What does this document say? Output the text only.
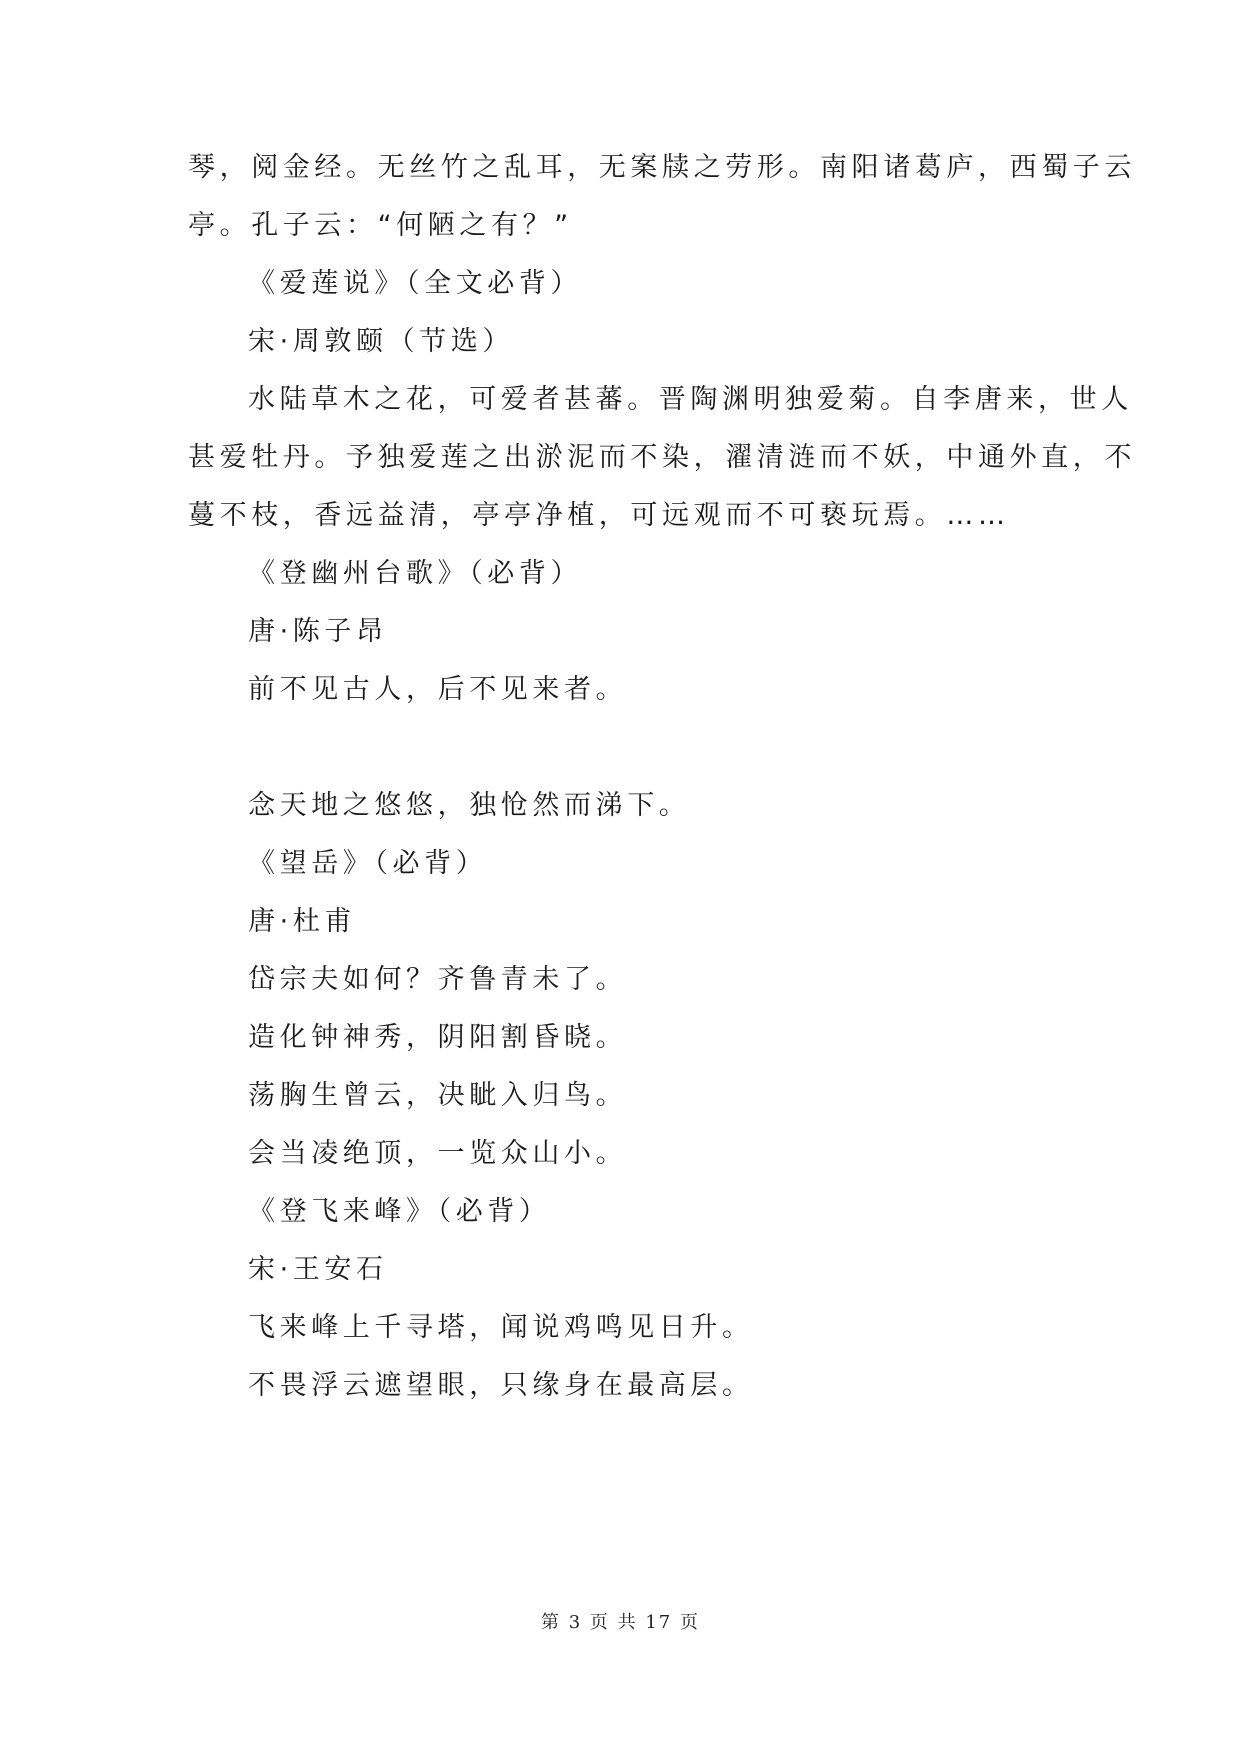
琴，阅金经。无丝竹之乱耳，无案牍之劳形。南阳诸葛庐，西蜀子云
亭。孔子云：“何陋之有？”
《爱莲说》（全文必背）
宋·周敦颐（节选）
水陆草木之花，可爱者甚蕃。晋陶渊明独爱菊。自李唐来，世人
甚爱牡丹。予独爱莲之出淤泥而不染，濯清涟而不妖，中通外直，不
蔓不枝，香远益清，亭亭净植，可远观而不可亵玩焉。……
《登幽州台歌》（必背）
唐·陈子昂
前不见古人，后不见来者。
念天地之悠悠，独怆然而涕下。
《望岳》（必背）
唐·杜甫
岱宗夫如何？齐鲁青未了。
造化钟神秀，阴阳割昏晓。
荡胸生曾云，决眦入归鸟。
会当凌绝顶，一览众山小。
《登飞来峰》（必背）
宋·王安石
飞来峰上千寻塔，闻说鸡鸣见日升。
不畏浮云遮望眼，只缘身在最高层。
第 3 页 共 17 页
